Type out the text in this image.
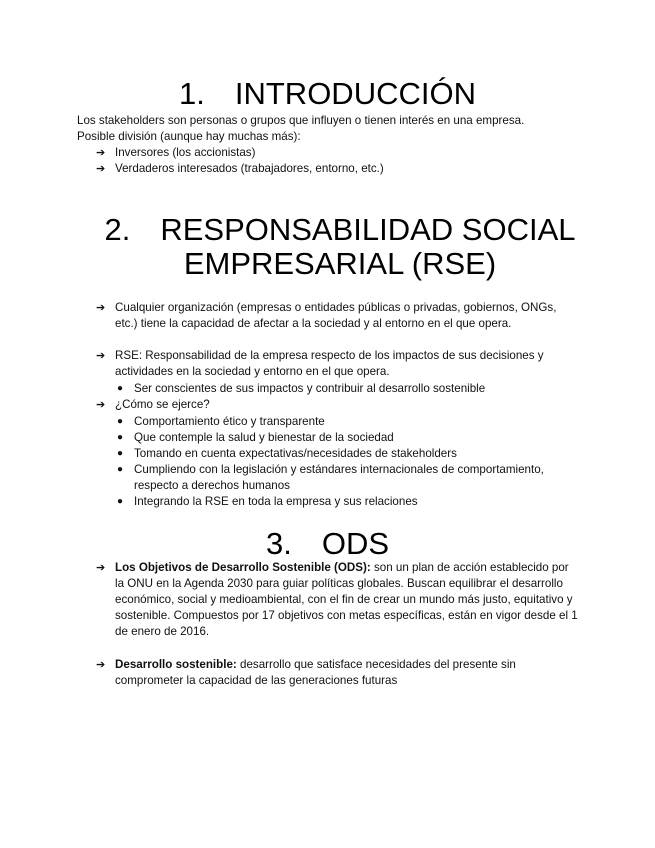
1. INTRODUCCIÓN
Los stakeholders son personas o grupos que influyen o tienen interés en una empresa.
Posible división (aunque hay muchas más):
➔ Inversores (los accionistas)
➔ Verdaderos interesados (trabajadores, entorno, etc.)
2. RESPONSABILIDAD SOCIAL
EMPRESARIAL (RSE)
➔ Cualquier organización (empresas o entidades públicas o privadas, gobiernos, ONGs, etc.) tiene la capacidad de afectar a la sociedad y al entorno en el que opera.
➔ RSE: Responsabilidad de la empresa respecto de los impactos de sus decisiones y actividades en la sociedad y entorno en el que opera.
● Ser conscientes de sus impactos y contribuir al desarrollo sostenible
➔ ¿Cómo se ejerce?
● Comportamiento ético y transparente
● Que contemple la salud y bienestar de la sociedad
● Tomando en cuenta expectativas/necesidades de stakeholders
● Cumpliendo con la legislación y estándares internacionales de comportamiento, respecto a derechos humanos
● Integrando la RSE en toda la empresa y sus relaciones
3. ODS
➔ Los Objetivos de Desarrollo Sostenible (ODS): son un plan de acción establecido por la ONU en la Agenda 2030 para guiar políticas globales. Buscan equilibrar el desarrollo económico, social y medioambiental, con el fin de crear un mundo más justo, equitativo y sostenible. Compuestos por 17 objetivos con metas específicas, están en vigor desde el 1 de enero de 2016.
➔ Desarrollo sostenible: desarrollo que satisface necesidades del presente sin comprometer la capacidad de las generaciones futuras
